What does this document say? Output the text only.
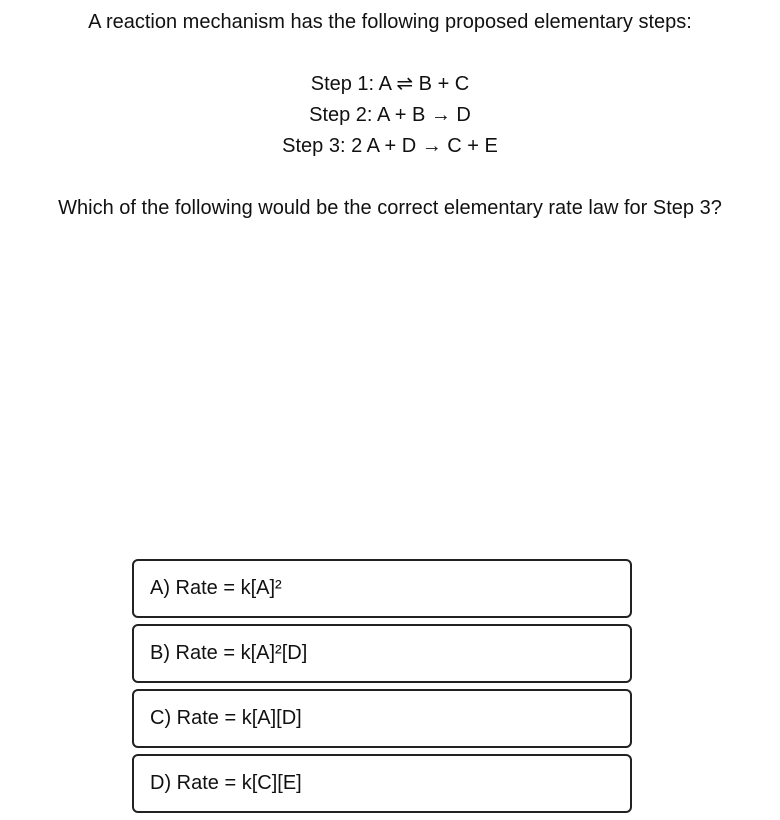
A reaction mechanism has the following proposed elementary steps:
Step 1: A ⇌ B + C
Step 2: A + B → D
Step 3: 2 A + D → C + E
Which of the following would be the correct elementary rate law for Step 3?
A) Rate = k[A]²
B) Rate = k[A]²[D]
C) Rate = k[A][D]
D) Rate = k[C][E]
